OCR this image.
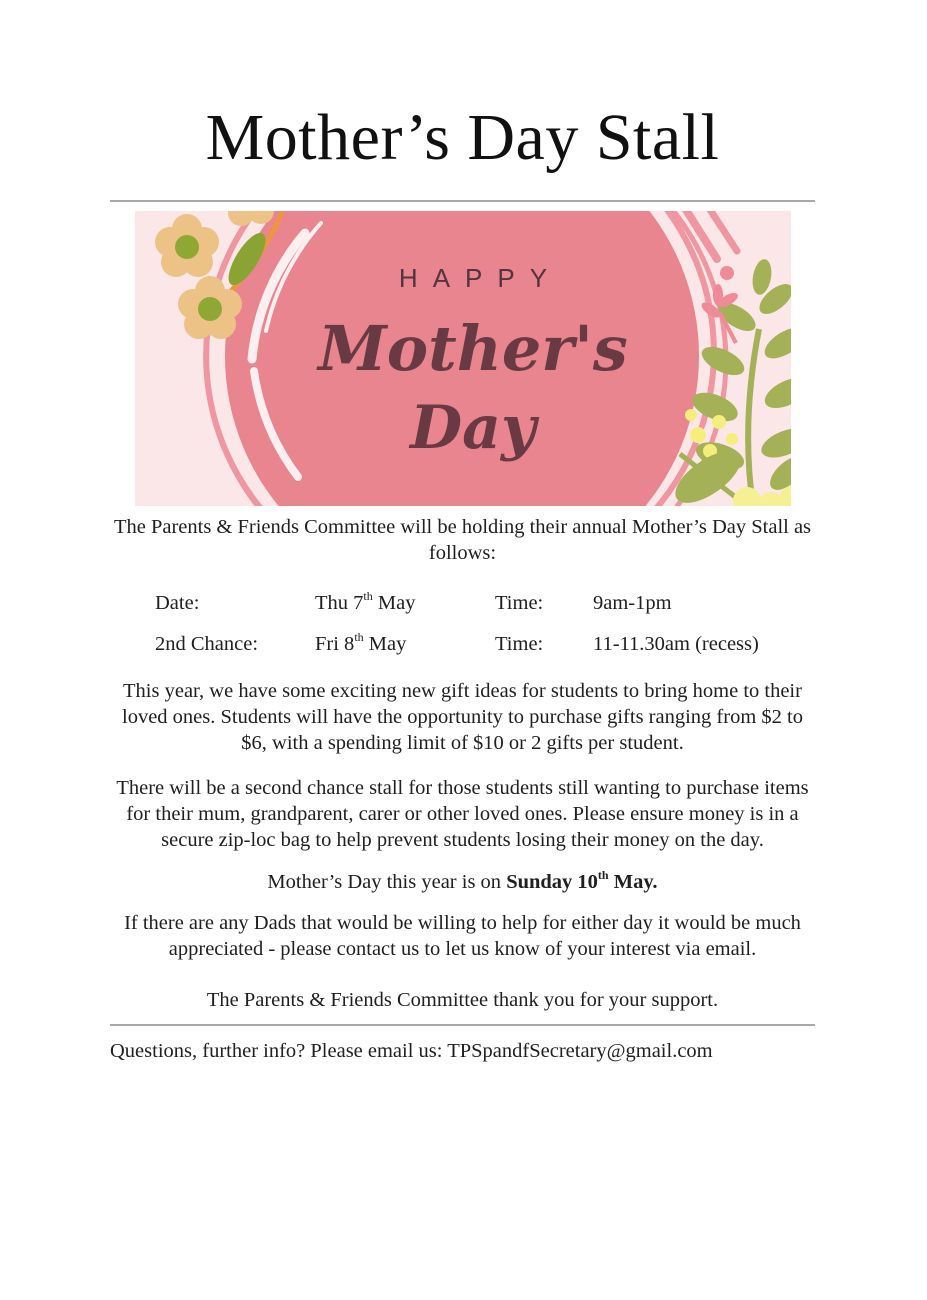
Mother’s Day Stall
HAPPY
Mother's
Day

The Parents & Friends Committee will be holding their annual Mother’s Day Stall as follows:

Date:	Thu 7th May	Time:	9am-1pm
2nd Chance:	Fri 8th May	Time:	11-11.30am (recess)

This year, we have some exciting new gift ideas for students to bring home to their loved ones. Students will have the opportunity to purchase gifts ranging from $2 to $6, with a spending limit of $10 or 2 gifts per student.

There will be a second chance stall for those students still wanting to purchase items for their mum, grandparent, carer or other loved ones. Please ensure money is in a secure zip-loc bag to help prevent students losing their money on the day.

Mother’s Day this year is on Sunday 10th May.

If there are any Dads that would be willing to help for either day it would be much appreciated - please contact us to let us know of your interest via email.

The Parents & Friends Committee thank you for your support.

Questions, further info? Please email us: TPSpandfSecretary@gmail.com
